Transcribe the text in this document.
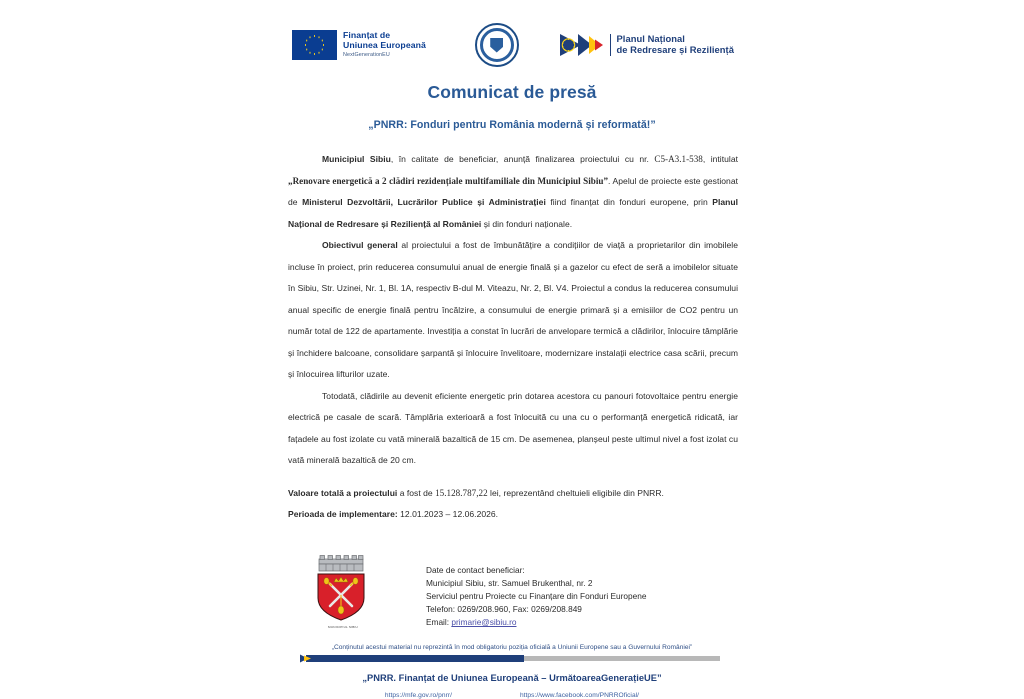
Finanțat de
Uniunea Europeană
NextGenerationEU
Planul Național
de Redresare și Reziliență
Comunicat de presă
„PNRR: Fonduri pentru România modernă și reformată!”

Municipiul Sibiu, în calitate de beneficiar, anunță finalizarea proiectului cu nr. C5-A3.1-538, intitulat „Renovare energetică a 2 clădiri rezidențiale multifamiliale din Municipiul Sibiu”. Apelul de proiecte este gestionat de Ministerul Dezvoltării, Lucrărilor Publice și Administrației fiind finanțat din fonduri europene, prin Planul Național de Redresare și Reziliență al României și din fonduri naționale.

Obiectivul general al proiectului a fost de îmbunătățire a condițiilor de viață a proprietarilor din imobilele incluse în proiect, prin reducerea consumului anual de energie finală și a gazelor cu efect de seră a imobilelor situate în Sibiu, Str. Uzinei, Nr. 1, Bl. 1A, respectiv B-dul M. Viteazu, Nr. 2, Bl. V4. Proiectul a condus la reducerea consumului anual specific de energie finală pentru încălzire, a consumului de energie primară și a emisiilor de CO2 pentru un număr total de 122 de apartamente. Investiția a constat în lucrări de anvelopare termică a clădirilor, înlocuire tâmplărie și închidere balcoane, consolidare șarpantă și înlocuire învelitoare, modernizare instalații electrice casa scării, precum și înlocuirea lifturilor uzate.

Totodată, clădirile au devenit eficiente energetic prin dotarea acestora cu panouri fotovoltaice pentru energie electrică pe casale de scară. Tâmplăria exterioară a fost înlocuită cu una cu o performanță energetică ridicată, iar fațadele au fost izolate cu vată minerală bazaltică de 15 cm. De asemenea, planșeul peste ultimul nivel a fost izolat cu vată minerală bazaltică de 20 cm.

Valoare totală a proiectului a fost de 15.128.787,22 lei, reprezentând cheltuieli eligibile din PNRR.

Perioada de implementare: 12.01.2023 – 12.06.2026.

MUNICIPIUL SIBIU
Date de contact beneficiar:
Municipiul Sibiu, str. Samuel Brukenthal, nr. 2
Serviciul pentru Proiecte cu Finanțare din Fonduri Europene
Telefon: 0269/208.960, Fax: 0269/208.849
Email: primarie@sibiu.ro
„Conținutul acestui material nu reprezintă în mod obligatoriu poziția oficială a Uniunii Europene sau a Guvernului României”
„PNRR. Finanțat de Uniunea Europeană – UrmătoareaGenerațieUE”
https://mfe.gov.ro/pnrr/	https://www.facebook.com/PNRROficial/
